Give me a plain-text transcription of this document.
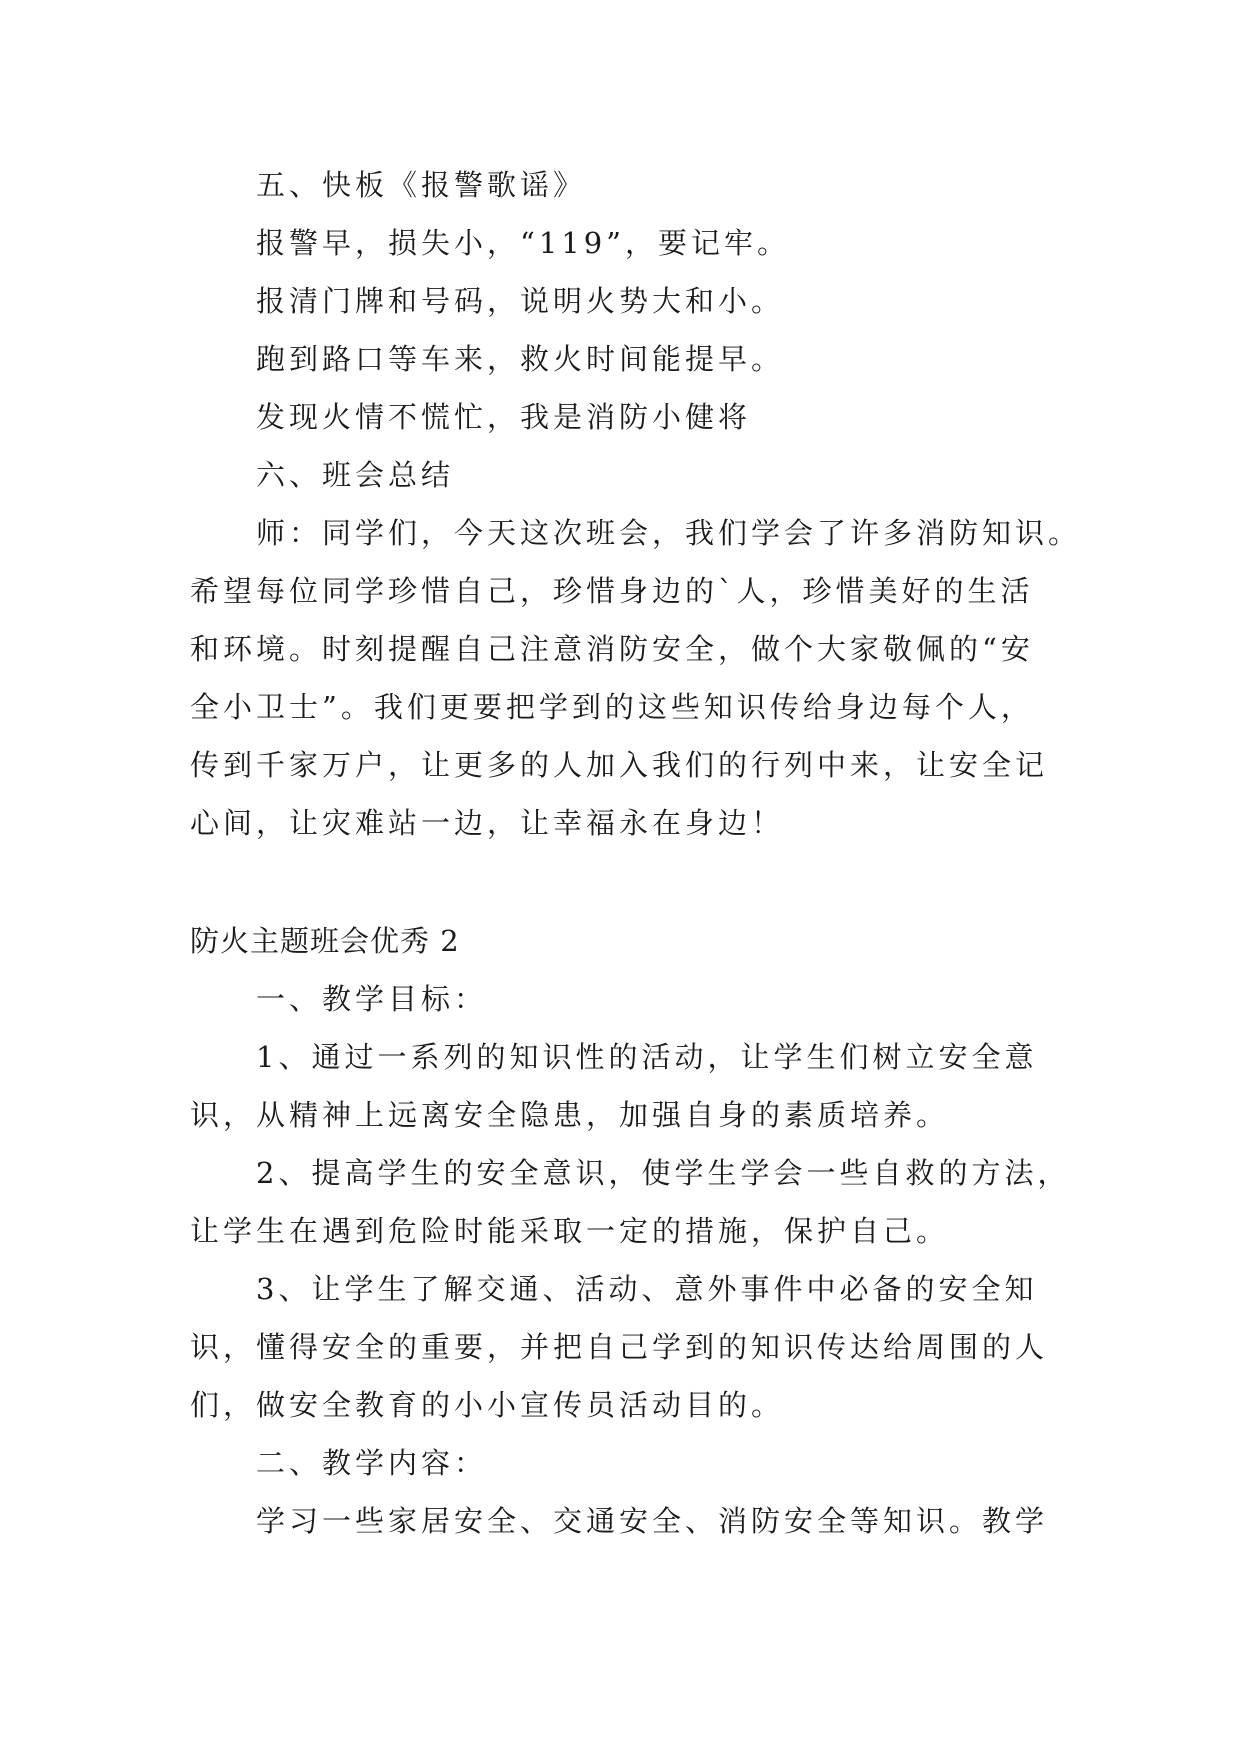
五、快板《报警歌谣》
报警早，损失小，“119”，要记牢。
报清门牌和号码，说明火势大和小。
跑到路口等车来，救火时间能提早。
发现火情不慌忙，我是消防小健将
六、班会总结
师：同学们，今天这次班会，我们学会了许多消防知识。
希望每位同学珍惜自己，珍惜身边的`人，珍惜美好的生活
和环境。时刻提醒自己注意消防安全，做个大家敬佩的“安
全小卫士”。我们更要把学到的这些知识传给身边每个人，
传到千家万户，让更多的人加入我们的行列中来，让安全记
心间，让灾难站一边，让幸福永在身边！
防火主题班会优秀 2
一、教学目标：
1、通过一系列的知识性的活动，让学生们树立安全意
识，从精神上远离安全隐患，加强自身的素质培养。
2、提高学生的安全意识，使学生学会一些自救的方法，
让学生在遇到危险时能采取一定的措施，保护自己。
3、让学生了解交通、活动、意外事件中必备的安全知
识，懂得安全的重要，并把自己学到的知识传达给周围的人
们，做安全教育的小小宣传员活动目的。
二、教学内容：
学习一些家居安全、交通安全、消防安全等知识。教学
